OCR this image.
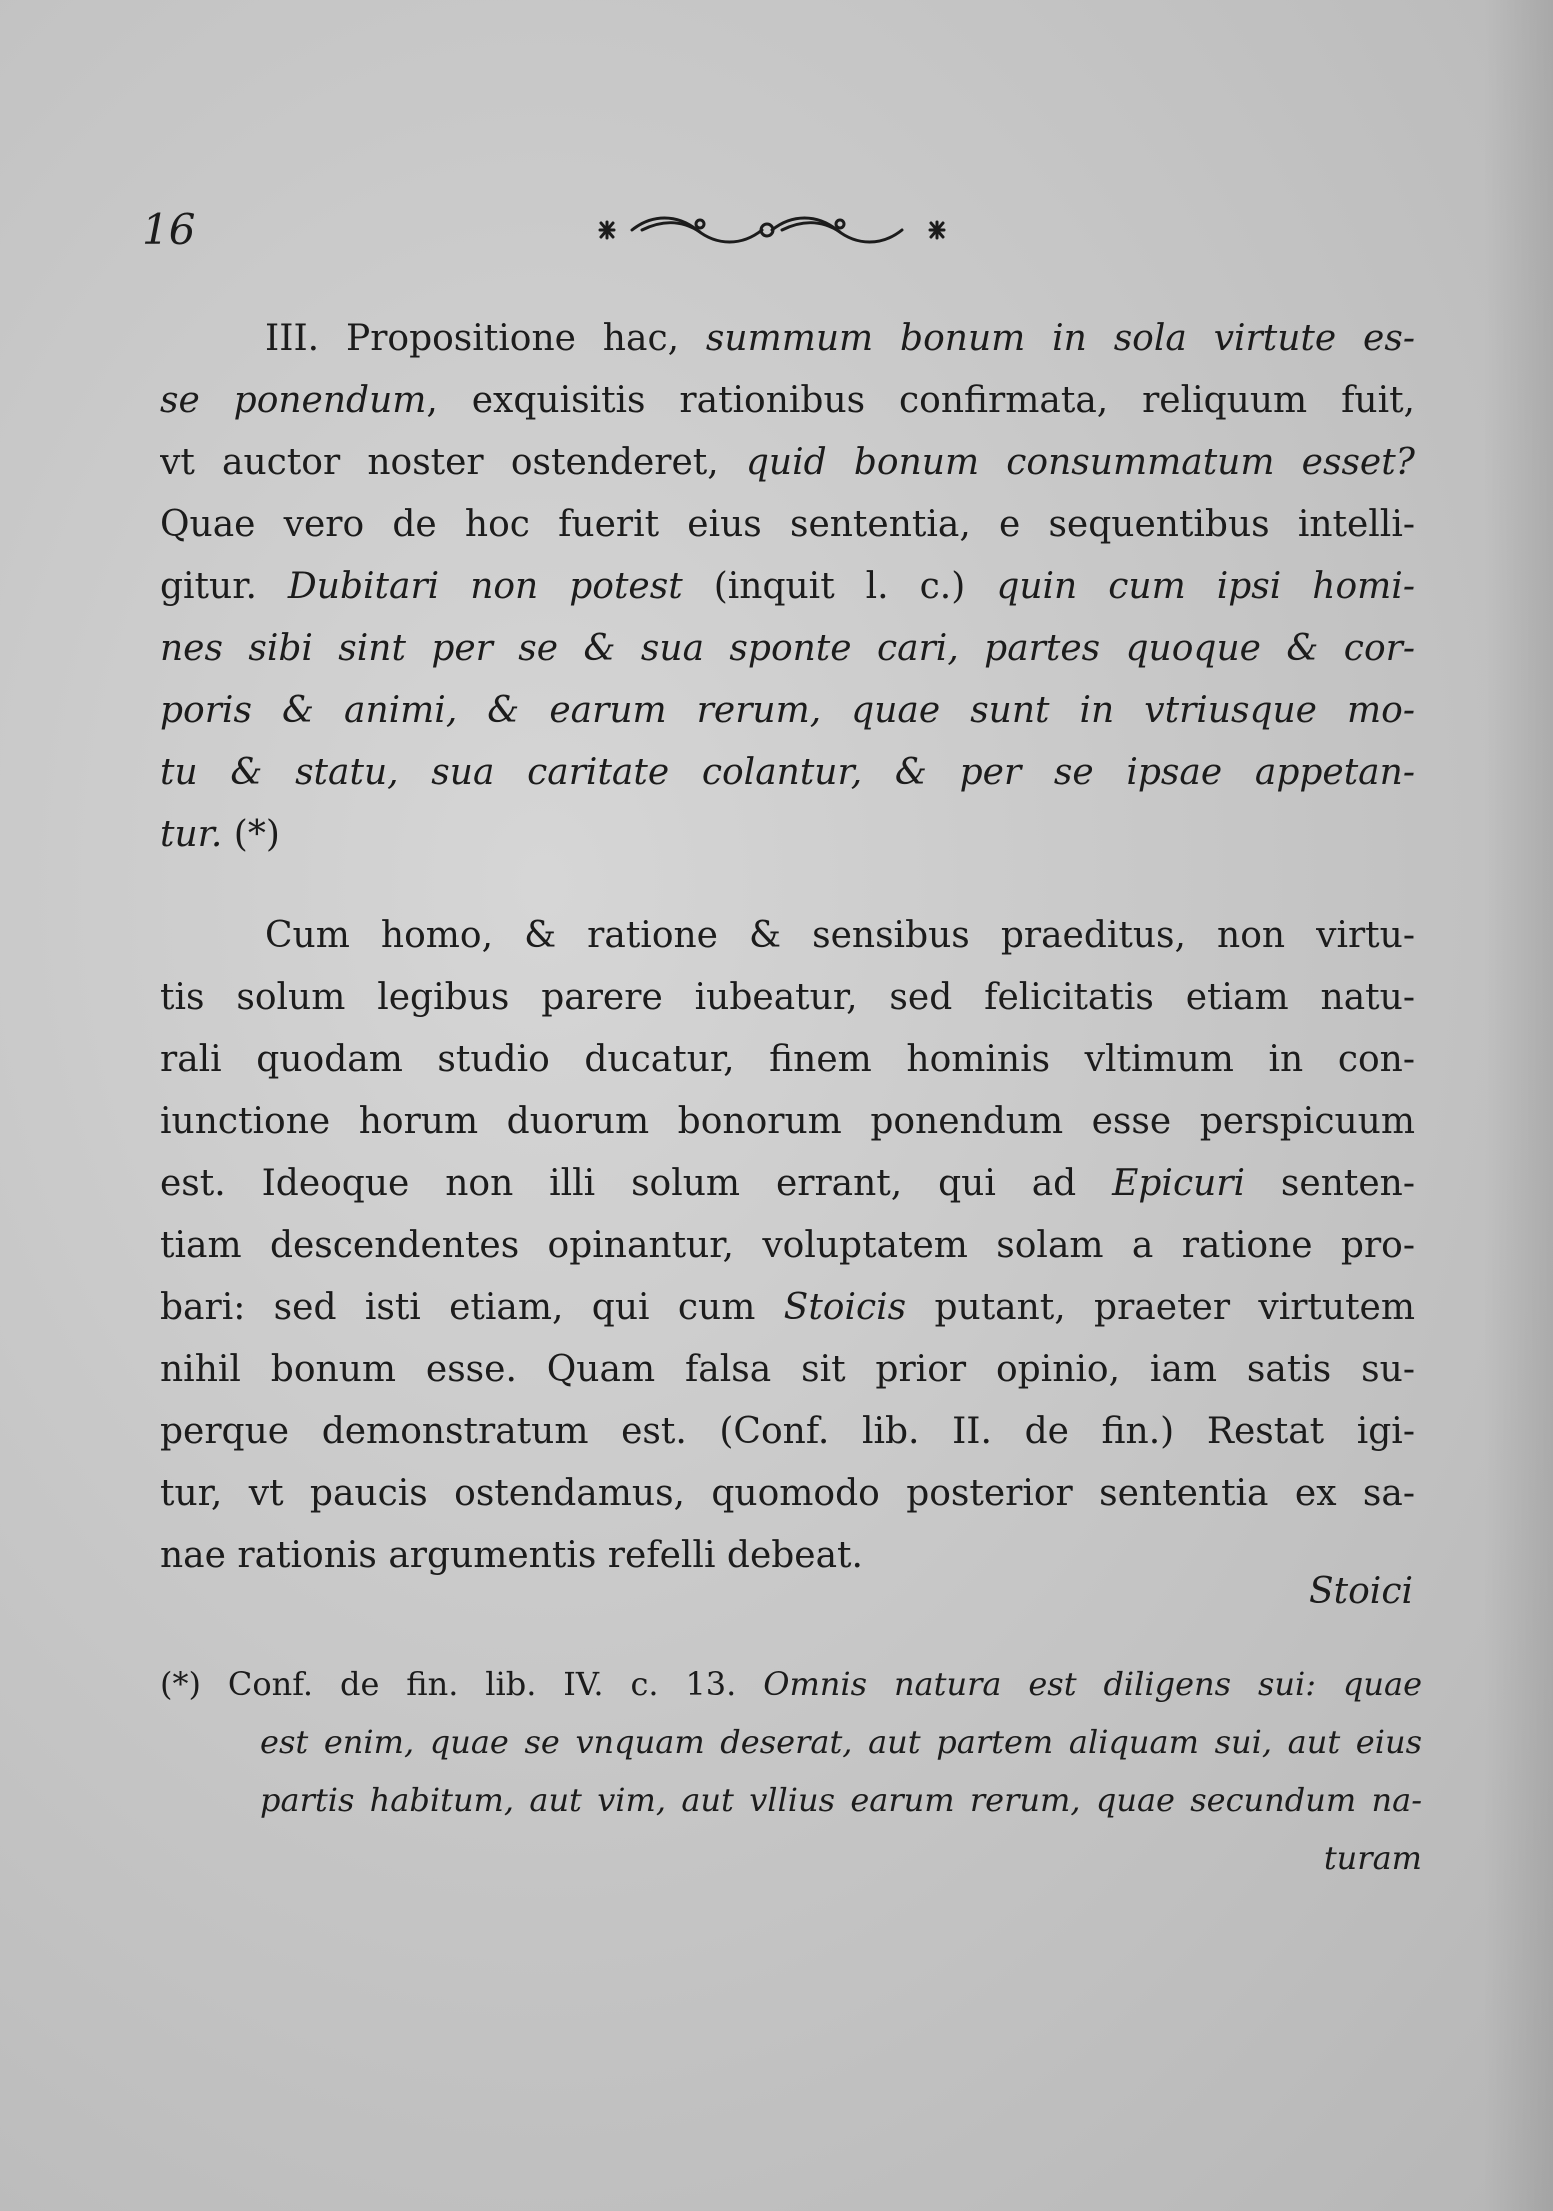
16
III. Propositione hac, summum bonum in sola virtute es-
se ponendum, exquisitis rationibus confirmata, reliquum fuit,
vt auctor noster ostenderet, quid bonum consummatum esset?
Quae vero de hoc fuerit eius sententia, e sequentibus intelli-
gitur. Dubitari non potest (inquit l. c.) quin cum ipsi homi-
nes sibi sint per se & sua sponte cari, partes quoque & cor-
poris & animi, & earum rerum, quae sunt in vtriusque mo-
tu & statu, sua caritate colantur, & per se ipsae appetan-
tur. (*)
Cum homo, & ratione & sensibus praeditus, non virtu-
tis solum legibus parere iubeatur, sed felicitatis etiam natu-
rali quodam studio ducatur, finem hominis vltimum in con-
iunctione horum duorum bonorum ponendum esse perspicuum
est. Ideoque non illi solum errant, qui ad Epicuri senten-
tiam descendentes opinantur, voluptatem solam a ratione pro-
bari: sed isti etiam, qui cum Stoicis putant, praeter virtutem
nihil bonum esse. Quam falsa sit prior opinio, iam satis su-
perque demonstratum est. (Conf. lib. II. de fin.) Restat igi-
tur, vt paucis ostendamus, quomodo posterior sententia ex sa-
nae rationis argumentis refelli debeat.
Stoici
(*) Conf. de fin. lib. IV. c. 13. Omnis natura est diligens sui: quae
est enim, quae se vnquam deserat, aut partem aliquam sui, aut eius
partis habitum, aut vim, aut vllius earum rerum, quae secundum na-
turam
